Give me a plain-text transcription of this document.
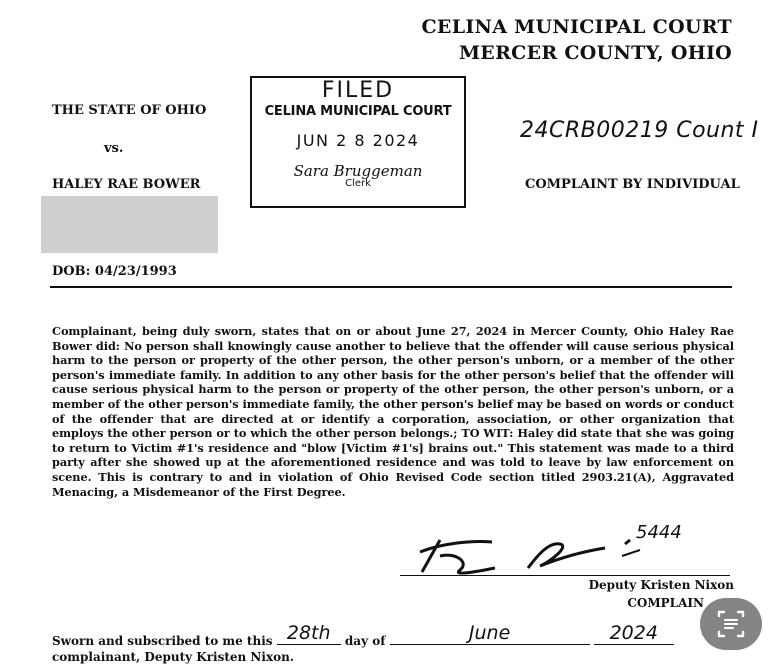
CELINA MUNICIPAL COURT
MERCER COUNTY, OHIO
THE STATE OF OHIO
vs.
HALEY RAE BOWER
FILED
CELINA MUNICIPAL COURT
JUN 2 8 2024
Sara Bruggeman
Clerk
24CRB00219 Count I
COMPLAINT BY INDIVIDUAL
DOB: 04/23/1993
Complainant, being duly sworn, states that on or about June 27, 2024 in Mercer County, Ohio Haley Rae Bower did: No person shall knowingly cause another to believe that the offender will cause serious physical harm to the person or property of the other person, the other person's unborn, or a member of the other person's immediate family. In addition to any other basis for the other person's belief that the offender will cause serious physical harm to the person or property of the other person, the other person's unborn, or a member of the other person's immediate family, the other person's belief may be based on words or conduct of the offender that are directed at or identify a corporation, association, or other organization that employs the other person or to which the other person belongs.; TO WIT: Haley did state that she was going to return to Victim #1's residence and "blow [Victim #1's] brains out." This statement was made to a third party after she showed up at the aforementioned residence and was told to leave by law enforcement on scene. This is contrary to and in violation of Ohio Revised Code section titled 2903.21(A), Aggravated Menacing, a Misdemeanor of the First Degree.
5444
Deputy Kristen Nixon
COMPLAIN
Sworn and subscribed to me this 28th	day of	June
	2024
complainant, Deputy Kristen Nixon.
